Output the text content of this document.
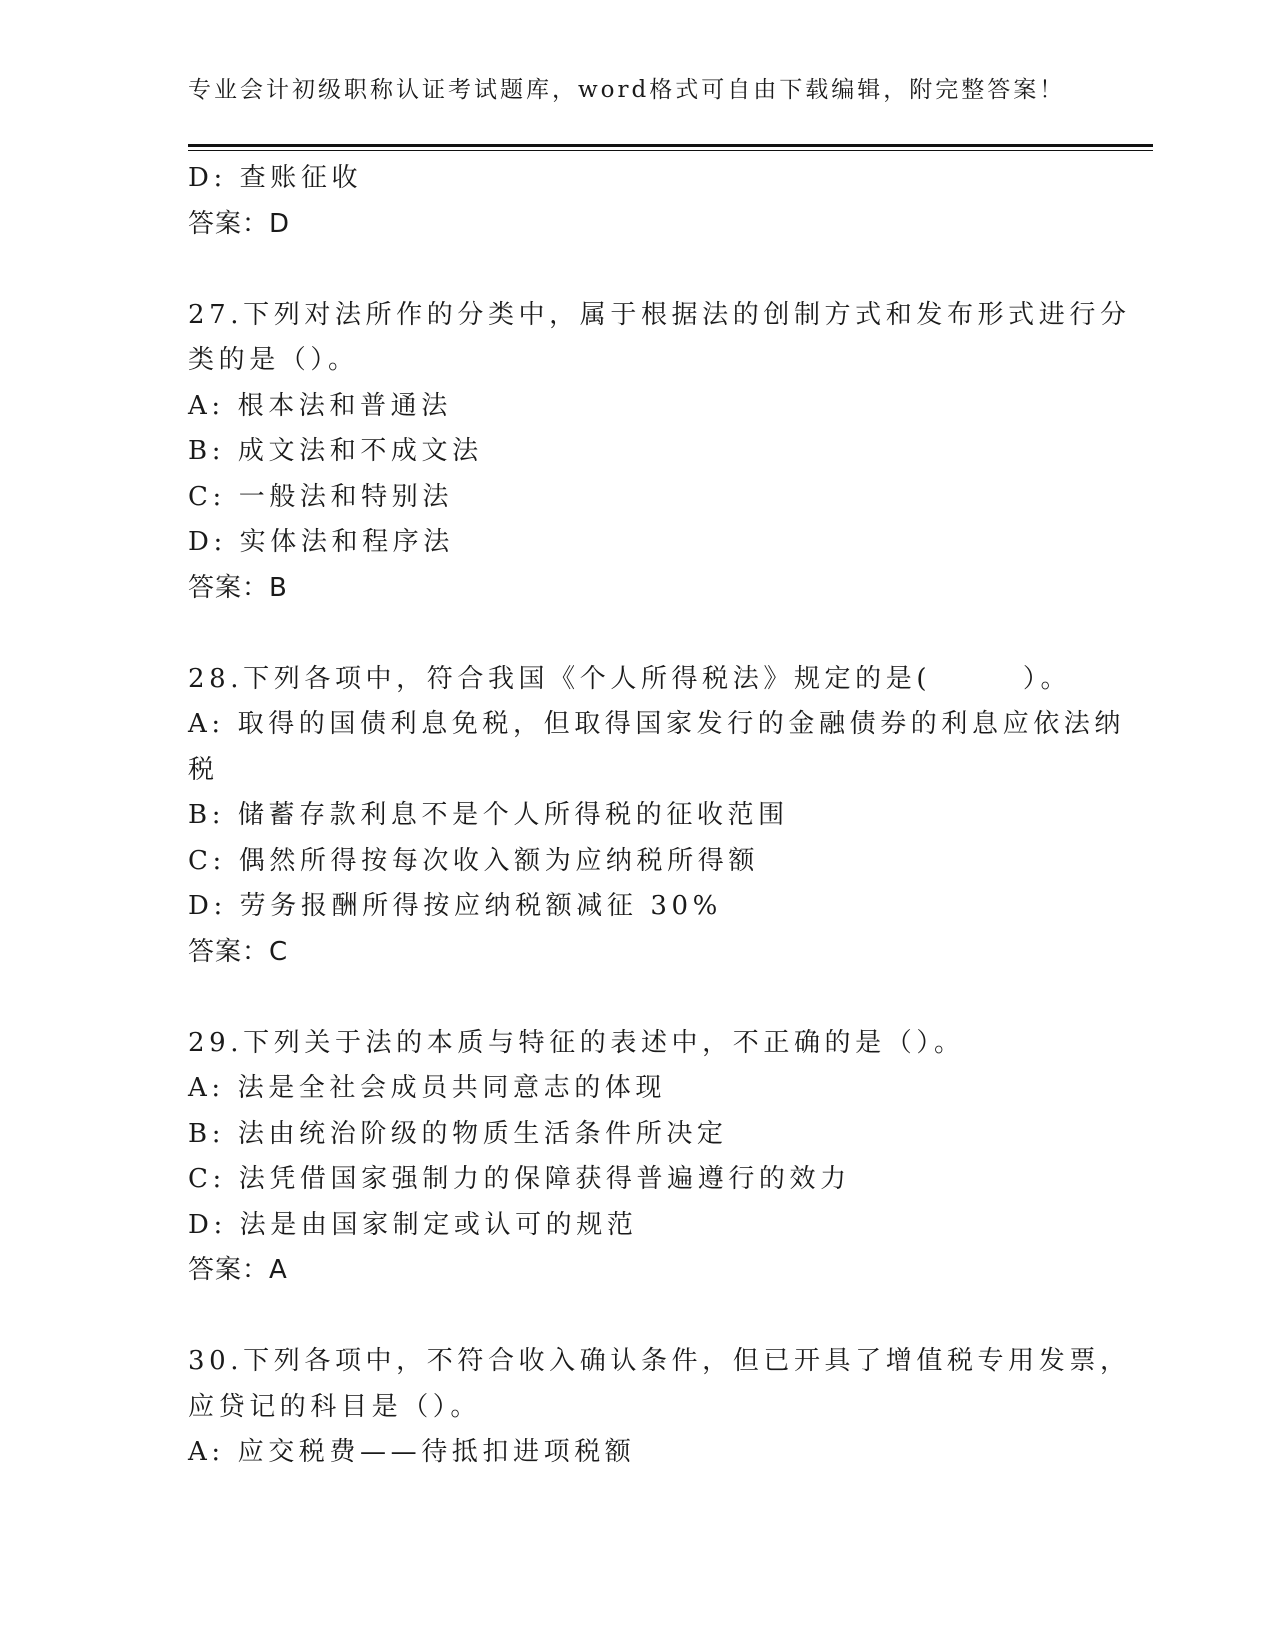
专业会计初级职称认证考试题库，word格式可自由下载编辑，附完整答案！
D: 查账征收
答案：D
27.下列对法所作的分类中，属于根据法的创制方式和发布形式进行分
类的是（）。
A: 根本法和普通法
B: 成文法和不成文法
C: 一般法和特别法
D: 实体法和程序法
答案：B
28.下列各项中，符合我国《个人所得税法》规定的是(　　　）。
A: 取得的国债利息免税，但取得国家发行的金融债券的利息应依法纳
税
B: 储蓄存款利息不是个人所得税的征收范围
C: 偶然所得按每次收入额为应纳税所得额
D: 劳务报酬所得按应纳税额减征 30%
答案：C
29.下列关于法的本质与特征的表述中，不正确的是（）。
A: 法是全社会成员共同意志的体现
B: 法由统治阶级的物质生活条件所决定
C: 法凭借国家强制力的保障获得普遍遵行的效力
D: 法是由国家制定或认可的规范
答案：A
30.下列各项中，不符合收入确认条件，但已开具了增值税专用发票，
应贷记的科目是（）。
A: 应交税费——待抵扣进项税额
